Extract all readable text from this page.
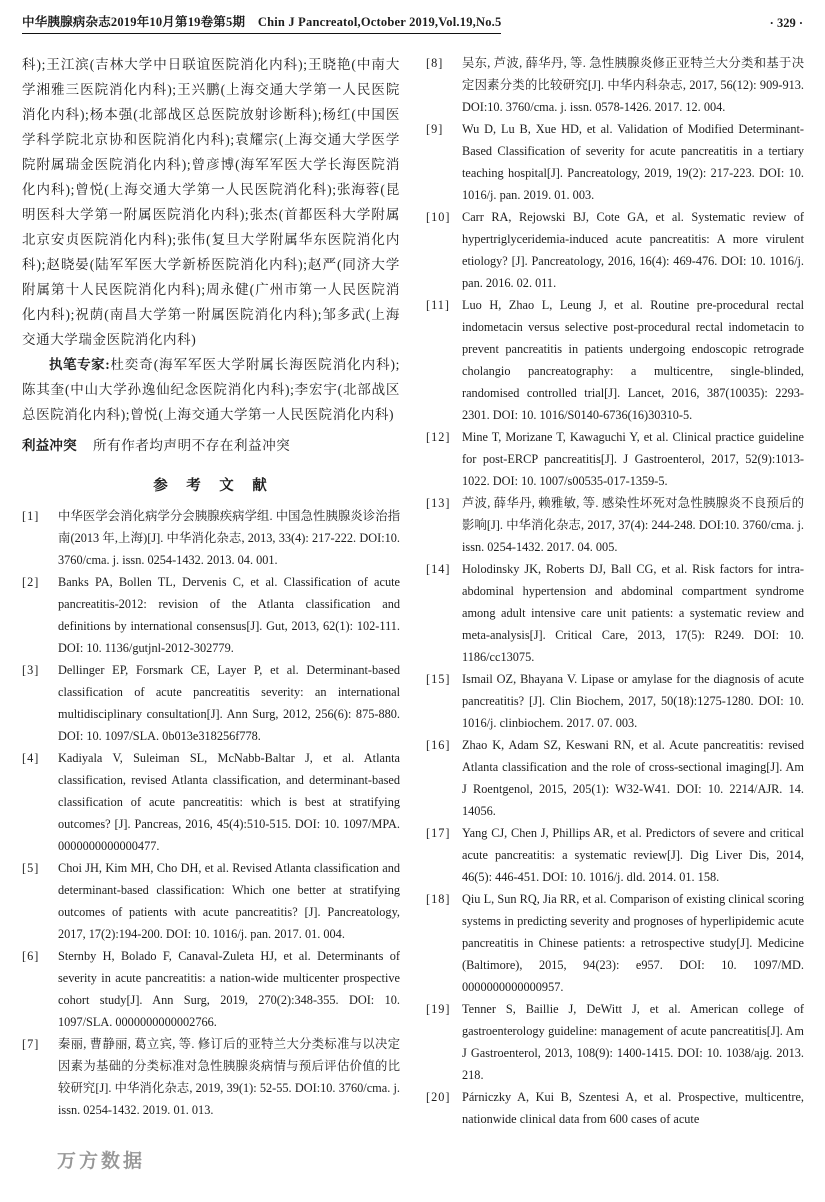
中华胰腺病杂志2019年10月第19卷第5期　Chin J Pancreatol,October 2019,Vol.19,No.5	· 329 ·

科);王江滨(吉林大学中日联谊医院消化内科);王晓艳(中南大学湘雅三医院消化内科);王兴鹏(上海交通大学第一人民医院消化内科);杨本强(北部战区总医院放射诊断科);杨红(中国医学科学院北京协和医院消化内科);袁耀宗(上海交通大学医学院附属瑞金医院消化内科);曾彦博(海军军医大学长海医院消化内科);曾悦(上海交通大学第一人民医院消化科);张海蓉(昆明医科大学第一附属医院消化内科);张杰(首都医科大学附属北京安贞医院消化内科);张伟(复旦大学附属华东医院消化内科);赵晓晏(陆军军医大学新桥医院消化内科);赵严(同济大学附属第十人民医院消化内科);周永健(广州市第一人民医院消化内科);祝荫(南昌大学第一附属医院消化内科);邹多武(上海交通大学瑞金医院消化内科)

执笔专家:杜奕奇(海军军医大学附属长海医院消化内科);陈其奎(中山大学孙逸仙纪念医院消化内科);李宏宇(北部战区总医院消化内科);曾悦(上海交通大学第一人民医院消化内科)

利益冲突 所有作者均声明不存在利益冲突

参　考　文　献
[1] 中华医学会消化病学分会胰腺疾病学组. 中国急性胰腺炎诊治指南(2013 年,上海)[J]. 中华消化杂志, 2013, 33(4): 217-222. DOI:10. 3760/cma. j. issn. 0254-1432. 2013. 04. 001.
[2] Banks PA, Bollen TL, Dervenis C, et al. Classification of acute pancreatitis-2012: revision of the Atlanta classification and definitions by international consensus[J]. Gut, 2013, 62(1): 102-111. DOI: 10. 1136/gutjnl-2012-302779.
[3] Dellinger EP, Forsmark CE, Layer P, et al. Determinant-based classification of acute pancreatitis severity: an international multidisciplinary consultation[J]. Ann Surg, 2012, 256(6): 875-880. DOI: 10. 1097/SLA. 0b013e318256f778.
[4] Kadiyala V, Suleiman SL, McNabb-Baltar J, et al. Atlanta classification, revised Atlanta classification, and determinant-based classification of acute pancreatitis: which is best at stratifying outcomes? [J]. Pancreas, 2016, 45(4):510-515. DOI: 10. 1097/MPA. 0000000000000477.
[5] Choi JH, Kim MH, Cho DH, et al. Revised Atlanta classification and determinant-based classification: Which one better at stratifying outcomes of patients with acute pancreatitis? [J]. Pancreatology, 2017, 17(2):194-200. DOI: 10. 1016/j. pan. 2017. 01. 004.
[6] Sternby H, Bolado F, Canaval-Zuleta HJ, et al. Determinants of severity in acute pancreatitis: a nation-wide multicenter prospective cohort study[J]. Ann Surg, 2019, 270(2):348-355. DOI: 10. 1097/SLA. 0000000000002766.
[7] 秦丽, 曹静丽, 葛立宾, 等. 修订后的亚特兰大分类标准与以决定因素为基础的分类标准对急性胰腺炎病情与预后评估价值的比较研究[J]. 中华消化杂志, 2019, 39(1): 52-55. DOI:10. 3760/cma. j. issn. 0254-1432. 2019. 01. 013.
[8] 吴东, 芦波, 薛华丹, 等. 急性胰腺炎修正亚特兰大分类和基于决定因素分类的比较研究[J]. 中华内科杂志, 2017, 56(12): 909-913. DOI:10. 3760/cma. j. issn. 0578-1426. 2017. 12. 004.
[9] Wu D, Lu B, Xue HD, et al. Validation of Modified Determinant-Based Classification of severity for acute pancreatitis in a tertiary teaching hospital[J]. Pancreatology, 2019, 19(2): 217-223. DOI: 10. 1016/j. pan. 2019. 01. 003.
[10] Carr RA, Rejowski BJ, Cote GA, et al. Systematic review of hypertriglyceridemia-induced acute pancreatitis: A more virulent etiology? [J]. Pancreatology, 2016, 16(4): 469-476. DOI: 10. 1016/j. pan. 2016. 02. 011.
[11] Luo H, Zhao L, Leung J, et al. Routine pre-procedural rectal indometacin versus selective post-procedural rectal indometacin to prevent pancreatitis in patients undergoing endoscopic retrograde cholangio pancreatography: a multicentre, single-blinded, randomised controlled trial[J]. Lancet, 2016, 387(10035): 2293-2301. DOI: 10. 1016/S0140-6736(16)30310-5.
[12] Mine T, Morizane T, Kawaguchi Y, et al. Clinical practice guideline for post-ERCP pancreatitis[J]. J Gastroenterol, 2017, 52(9):1013-1022. DOI: 10. 1007/s00535-017-1359-5.
[13] 芦波, 薛华丹, 赖雅敏, 等. 感染性坏死对急性胰腺炎不良预后的影响[J]. 中华消化杂志, 2017, 37(4): 244-248. DOI:10. 3760/cma. j. issn. 0254-1432. 2017. 04. 005.
[14] Holodinsky JK, Roberts DJ, Ball CG, et al. Risk factors for intra-abdominal hypertension and abdominal compartment syndrome among adult intensive care unit patients: a systematic review and meta-analysis[J]. Critical Care, 2013, 17(5): R249. DOI: 10. 1186/cc13075.
[15] Ismail OZ, Bhayana V. Lipase or amylase for the diagnosis of acute pancreatitis? [J]. Clin Biochem, 2017, 50(18):1275-1280. DOI: 10. 1016/j. clinbiochem. 2017. 07. 003.
[16] Zhao K, Adam SZ, Keswani RN, et al. Acute pancreatitis: revised Atlanta classification and the role of cross-sectional imaging[J]. Am J Roentgenol, 2015, 205(1): W32-W41. DOI: 10. 2214/AJR. 14. 14056.
[17] Yang CJ, Chen J, Phillips AR, et al. Predictors of severe and critical acute pancreatitis: a systematic review[J]. Dig Liver Dis, 2014, 46(5): 446-451. DOI: 10. 1016/j. dld. 2014. 01. 158.
[18] Qiu L, Sun RQ, Jia RR, et al. Comparison of existing clinical scoring systems in predicting severity and prognoses of hyperlipidemic acute pancreatitis in Chinese patients: a retrospective study[J]. Medicine (Baltimore), 2015, 94(23): e957. DOI: 10. 1097/MD. 0000000000000957.
[19] Tenner S, Baillie J, DeWitt J, et al. American college of gastroenterology guideline: management of acute pancreatitis[J]. Am J Gastroenterol, 2013, 108(9): 1400-1415. DOI: 10. 1038/ajg. 2013. 218.
[20] Párniczky A, Kui B, Szentesi A, et al. Prospective, multicentre, nationwide clinical data from 600 cases of acute
万方数据
